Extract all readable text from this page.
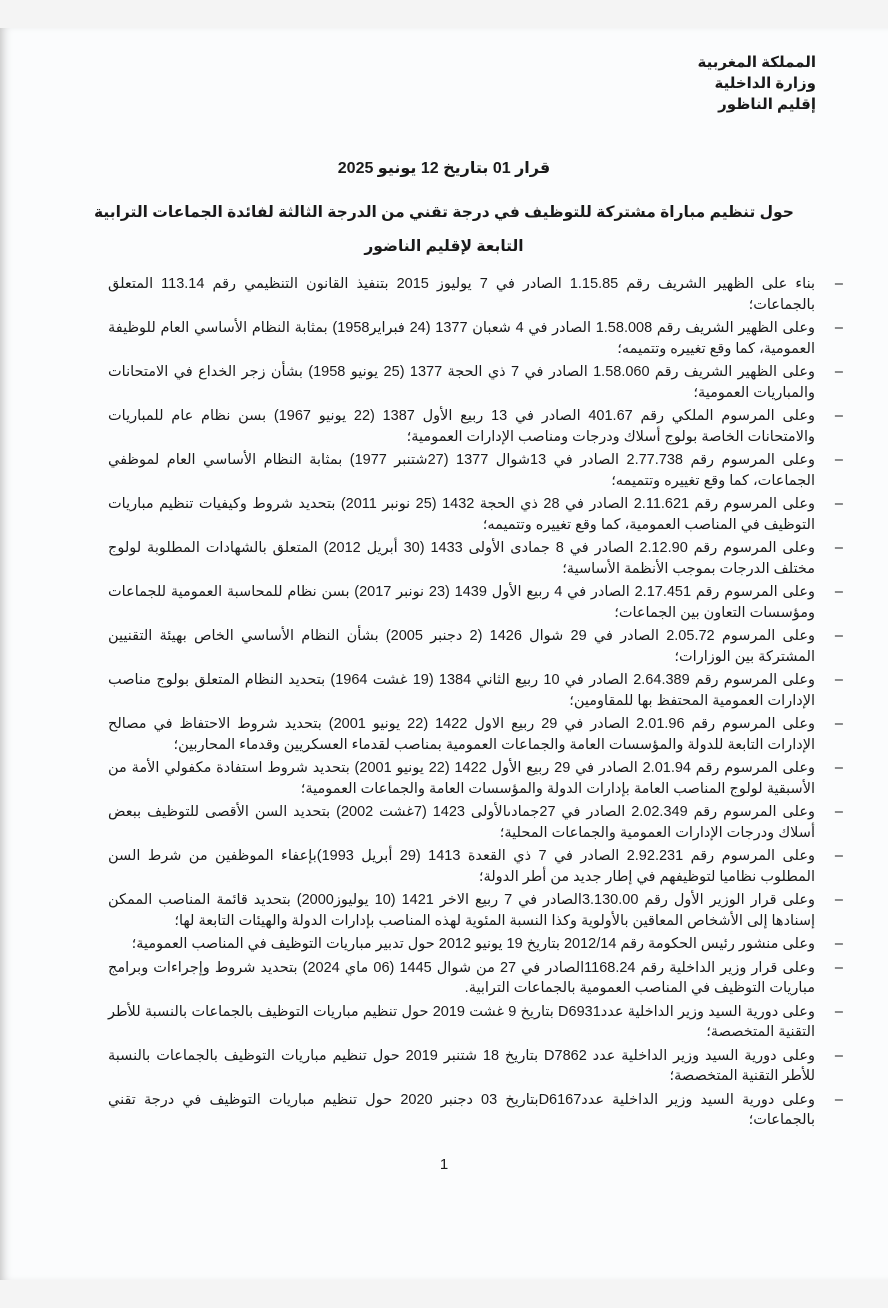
المملكة المغربية
وزارة الداخلية
إقليم الناظور
قرار 01 بتاريخ 12 يونيو 2025
حول تنظيم مباراة مشتركة للتوظيف في درجة تقني من الدرجة الثالثة لفائدة الجماعات الترابية
التابعة لإقليم الناضور
–
بناء على الظهير الشريف رقم 1.15.85 الصادر في 7 يوليوز 2015 بتنفيذ القانون التنظيمي رقم 113.14 المتعلق بالجماعات؛
–
وعلى الظهير الشريف رقم 1.58.008 الصادر في 4 شعبان 1377 (24 فبراير1958) بمثابة النظام الأساسي العام للوظيفة العمومية، كما وقع تغييره وتتميمه؛
–
وعلى الظهير الشريف رقم 1.58.060 الصادر في 7 ذي الحجة 1377 (25 يونيو 1958) بشأن زجر الخداع في الامتحانات والمباريات العمومية؛
–
وعلى المرسوم الملكي رقم 401.67 الصادر في 13 ربيع الأول 1387 (22 يونيو 1967) بسن نظام عام للمباريات والامتحانات الخاصة بولوج أسلاك ودرجات ومناصب الإدارات العمومية؛
–
وعلى المرسوم رقم 2.77.738 الصادر في 13شوال 1377 (27شتنبر 1977) بمثابة النظام الأساسي العام لموظفي الجماعات، كما وقع تغييره وتتميمه؛
–
وعلى المرسوم رقم 2.11.621 الصادر في 28 ذي الحجة 1432 (25 نونبر 2011) بتحديد شروط وكيفيات تنظيم مباريات التوظيف في المناصب العمومية، كما وقع تغييره وتتميمه؛
–
وعلى المرسوم رقم 2.12.90 الصادر في 8 جمادى الأولى 1433 (30 أبريل 2012) المتعلق بالشهادات المطلوبة لولوج مختلف الدرجات بموجب الأنظمة الأساسية؛
–
وعلى المرسوم رقم 2.17.451 الصادر في 4 ربيع الأول 1439 (23 نونبر 2017) بسن نظام للمحاسبة العمومية للجماعات ومؤسسات التعاون بين الجماعات؛
–
وعلى المرسوم 2.05.72 الصادر في 29 شوال 1426 (2 دجنبر 2005) بشأن النظام الأساسي الخاص بهيئة التقنيين المشتركة بين الوزارات؛
–
وعلى المرسوم رقم 2.64.389 الصادر في 10 ربيع الثاني 1384 (19 غشت 1964) بتحديد النظام المتعلق بولوج مناصب الإدارات العمومية المحتفظ بها للمقاومين؛
–
وعلى المرسوم رقم 2.01.96 الصادر في 29 ربيع الاول 1422 (22 يونيو 2001) بتحديد شروط الاحتفاظ في مصالح الإدارات التابعة للدولة والمؤسسات العامة والجماعات العمومية بمناصب لقدماء العسكريين وقدماء المحاربين؛
–
وعلى المرسوم رقم 2.01.94 الصادر في 29 ربيع الأول 1422 (22 يونيو 2001) بتحديد شروط استفادة مكفولي الأمة من الأسبقية لولوج المناصب العامة بإدارات الدولة والمؤسسات العامة والجماعات العمومية؛
–
وعلى المرسوم رقم 2.02.349 الصادر في 27جمادىالأولى 1423 (7غشت 2002) بتحديد السن الأقصى للتوظيف ببعض أسلاك ودرجات الإدارات العمومية والجماعات المحلية؛
–
وعلى المرسوم رقم 2.92.231 الصادر في 7 ذي القعدة 1413 (29 أبريل 1993)بإعفاء الموظفين من شرط السن المطلوب نظاميا لتوظيفهم في إطار جديد من أطر الدولة؛
–
وعلى قرار الوزير الأول رقم 3.130.00الصادر في 7 ربيع الاخر 1421 (10 يوليوز2000) بتحديد قائمة المناصب الممكن إسنادها إلى الأشخاص المعاقين بالأولوية وكذا النسبة المئوية لهذه المناصب بإدارات الدولة والهيئات التابعة لها؛
–
وعلى منشور رئيس الحكومة رقم 2012/14 بتاريخ 19 يونيو 2012 حول تدبير مباريات التوظيف في المناصب العمومية؛
–
وعلى قرار وزير الداخلية رقم 1168.24الصادر في 27 من شوال 1445 (06 ماي 2024) بتحديد شروط وإجراءات وبرامج مباريات التوظيف في المناصب العمومية بالجماعات الترابية.
–
وعلى دورية السيد وزير الداخلية عددD6931 بتاريخ 9 غشت 2019 حول تنظيم مباريات التوظيف بالجماعات بالنسبة للأطر التقنية المتخصصة؛
–
وعلى دورية السيد وزير الداخلية عدد D7862 بتاريخ 18 شتنبر 2019 حول تنظيم مباريات التوظيف بالجماعات بالنسبة للأطر التقنية المتخصصة؛
–
وعلى دورية السيد وزير الداخلية عددD6167بتاريخ 03 دجنبر 2020 حول تنظيم مباريات التوظيف في درجة تقني بالجماعات؛
1
